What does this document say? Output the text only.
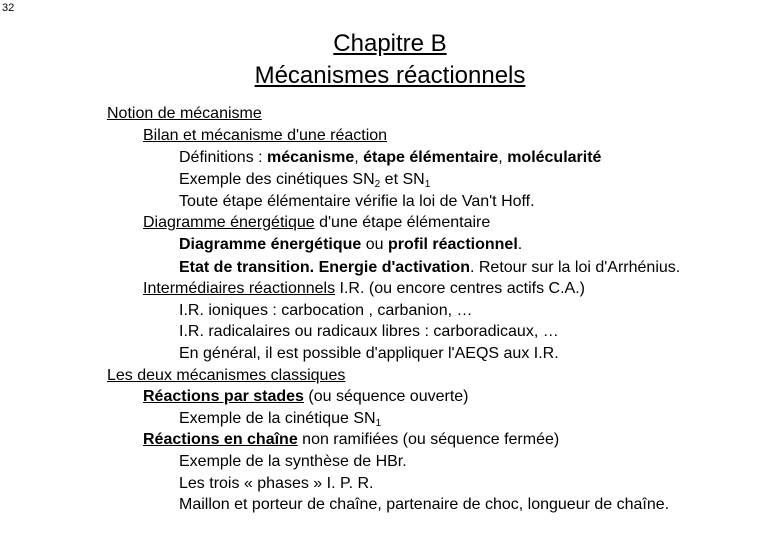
32
Chapitre B
Mécanismes réactionnels
Notion de mécanisme
Bilan et mécanisme d'une réaction
Définitions : mécanisme, étape élémentaire, molécularité
Exemple des cinétiques $SN_2$ et $SN_1$
Toute étape élémentaire vérifie la loi de Van't Hoff.
Diagramme énergétique d'une étape élémentaire
Diagramme énergétique ou profil réactionnel.
Etat de transition. Energie d'activation. Retour sur la loi d'Arrhénius.
Intermédiaires réactionnels I.R. (ou encore centres actifs C.A.)
I.R. ioniques : carbocation , carbanion, …
I.R. radicalaires ou radicaux libres : carboradicaux, …
En général, il est possible d'appliquer l'AEQS aux I.R.
Les deux mécanismes classiques
Réactions par stades (ou séquence ouverte)
Exemple de la cinétique $SN_1$
Réactions en chaîne non ramifiées (ou séquence fermée)
Exemple de la synthèse de HBr.
Les trois « phases » I. P. R.
Maillon et porteur de chaîne, partenaire de choc, longueur de chaîne.
